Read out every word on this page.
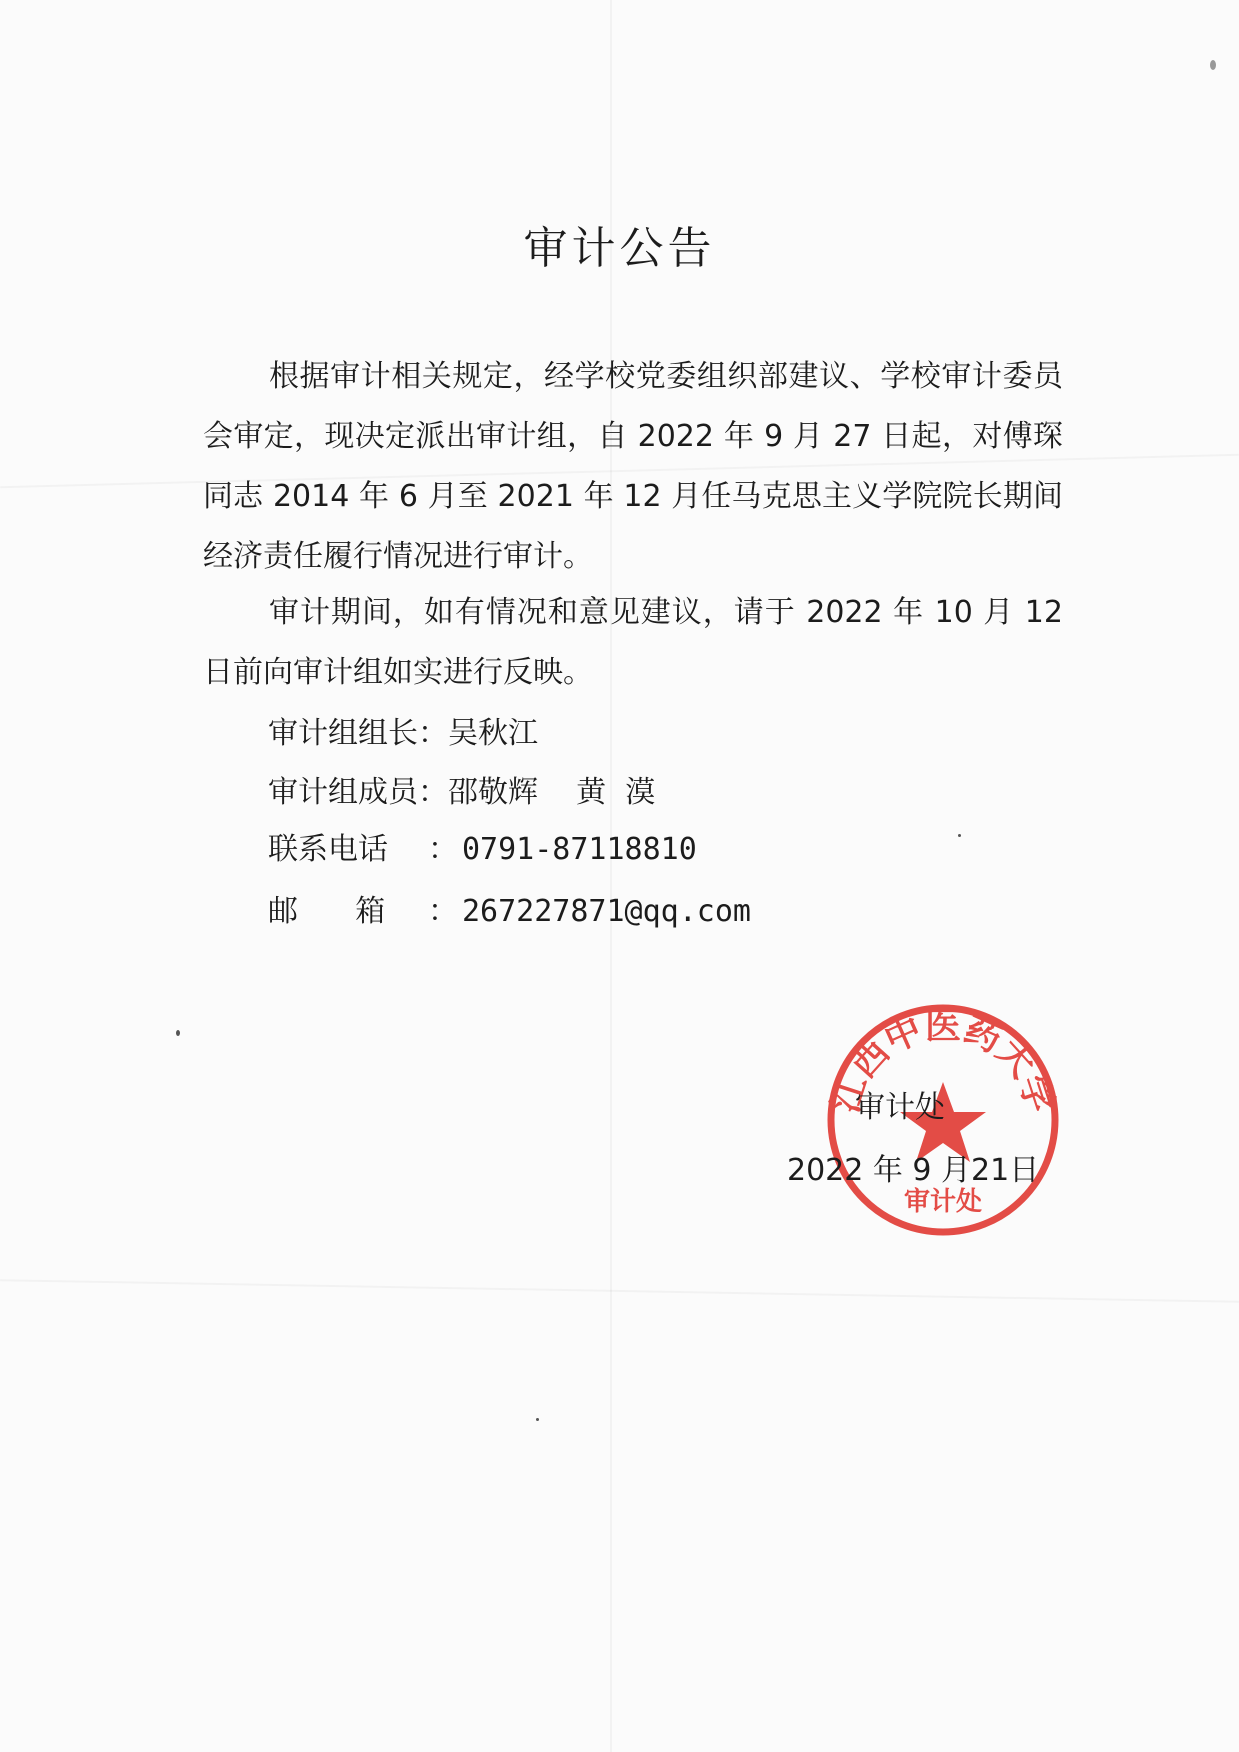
审计公告
根据审计相关规定，经学校党委组织部建议、学校审计委员会审定，现决定派出审计组，自 2022 年 9 月 27 日起，对傅琛同志 2014 年 6 月至 2021 年 12 月任马克思主义学院院长期间经济责任履行情况进行审计。
审计期间，如有情况和意见建议，请于 2022 年 10 月 12 日前向审计组如实进行反映。
审计组组长：吴秋江
审计组成员：邵敬辉    黄  漠
联系电话 ： 0791-87118810
邮      箱 ： 267227871@qq.com
江西中医药大学
审计处
审计处
2022 年 9 月21日
